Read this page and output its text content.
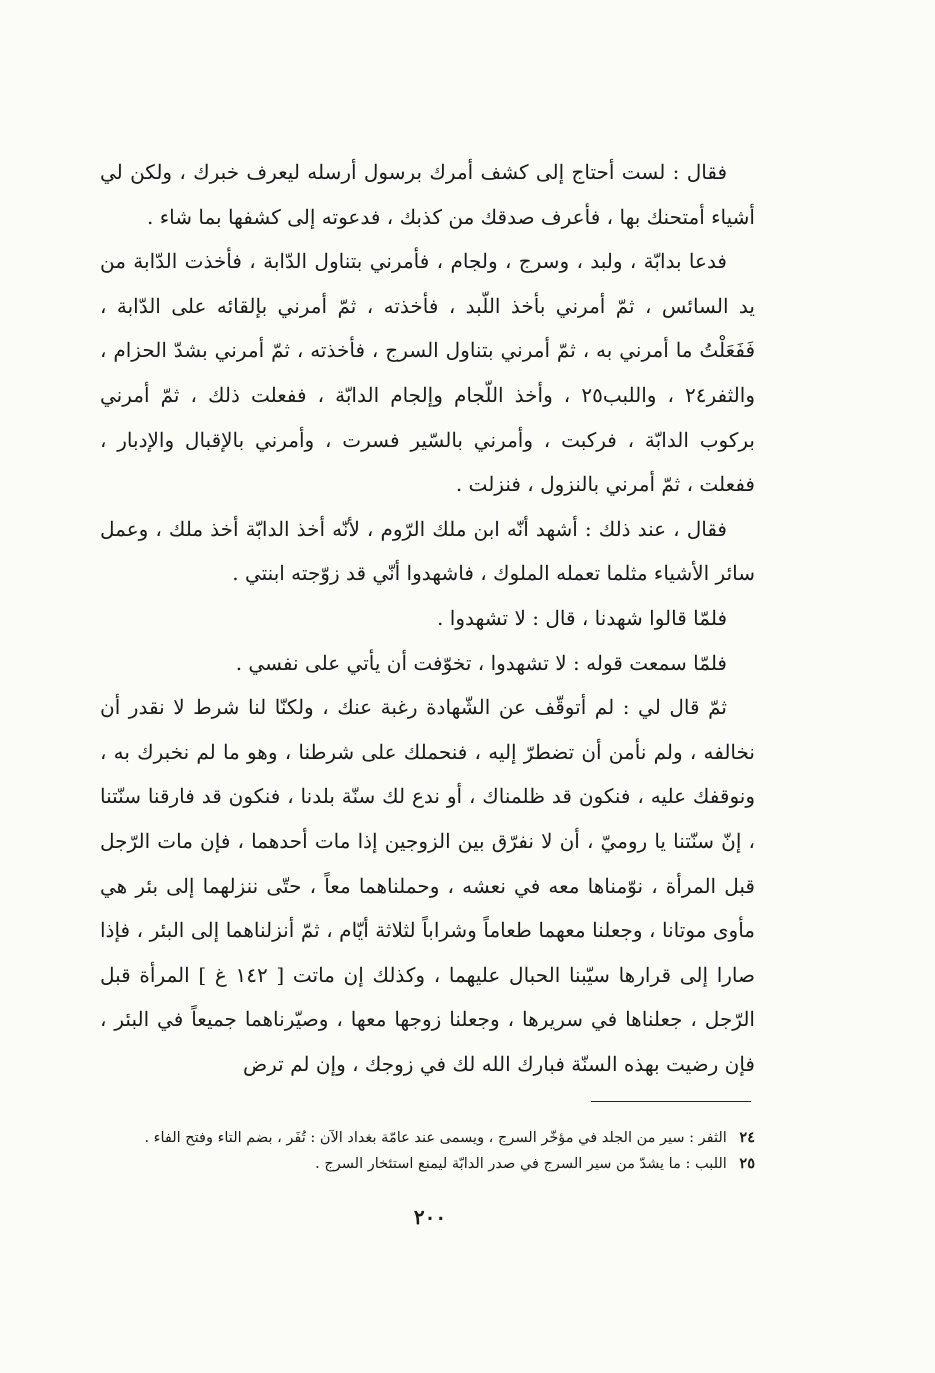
فقال : لست أحتاج إلى كشف أمرك برسول أرسله ليعرف خبرك ، ولكن لي أشياء أمتحنك بها ، فأعرف صدقك من كذبك ، فدعوته إلى كشفها بما شاء .

فدعا بدابّة ، ولبد ، وسرج ، ولجام ، فأمرني بتناول الدّابة ، فأخذت الدّابة من يد السائس ، ثمّ أمرني بأخذ اللّبد ، فأخذته ، ثمّ أمرني بإلقائه على الدّابة ، فَفَعَلْتُ ما أمرني به ، ثمّ أمرني بتناول السرج ، فأخذته ، ثمّ أمرني بشدّ الحزام ، والثفر٢٤ ، واللبب٢٥ ، وأخذ اللّجام وإلجام الدابّة ، ففعلت ذلك ، ثمّ أمرني بركوب الدابّة ، فركبت ، وأمرني بالسّير فسرت ، وأمرني بالإقبال والإدبار ، ففعلت ، ثمّ أمرني بالنزول ، فنزلت .

فقال ، عند ذلك : أشهد أنّه ابن ملك الرّوم ، لأنّه أخذ الدابّة أخذ ملك ، وعمل سائر الأشياء مثلما تعمله الملوك ، فاشهدوا أنّي قد زوّجته ابنتي .

فلمّا قالوا شهدنا ، قال : لا تشهدوا .

فلمّا سمعت قوله : لا تشهدوا ، تخوّفت أن يأتي على نفسي .

ثمّ قال لي : لم أتوقّف عن الشّهادة رغبة عنك ، ولكنّا لنا شرط لا نقدر أن نخالفه ، ولم نأمن أن تضطرّ إليه ، فنحملك على شرطنا ، وهو ما لم نخبرك به ، ونوقفك عليه ، فنكون قد ظلمناك ، أو ندع لك سنّة بلدنا ، فنكون قد فارقنا سنّتنا ، إنّ سنّتنا يا روميّ ، أن لا نفرّق بين الزوجين إذا مات أحدهما ، فإن مات الرّجل قبل المرأة ، نوّمناها معه في نعشه ، وحملناهما معاً ، حتّى ننزلهما إلى بئر هي مأوى موتانا ، وجعلنا معهما طعاماً وشراباً لثلاثة أيّام ، ثمّ أنزلناهما إلى البئر ، فإذا صارا إلى قرارها سيّبنا الحبال عليهما ، وكذلك إن ماتت [ ١٤٢ غ ] المرأة قبل الرّجل ، جعلناها في سريرها ، وجعلنا زوجها معها ، وصيّرناهما جميعاً في البئر ، فإن رضيت بهذه السنّة فبارك الله لك في زوجك ، وإن لم ترض

٢٤ الثفر : سير من الجلد في مؤخّر السرج ، ويسمى عند عامّة بغداد الآن : تُفَر ، بضم التاء وفتح الفاء .
٢٥ اللبب : ما يشدّ من سير السرج في صدر الدابّة ليمنع استئخار السرج .
٢٠٠
